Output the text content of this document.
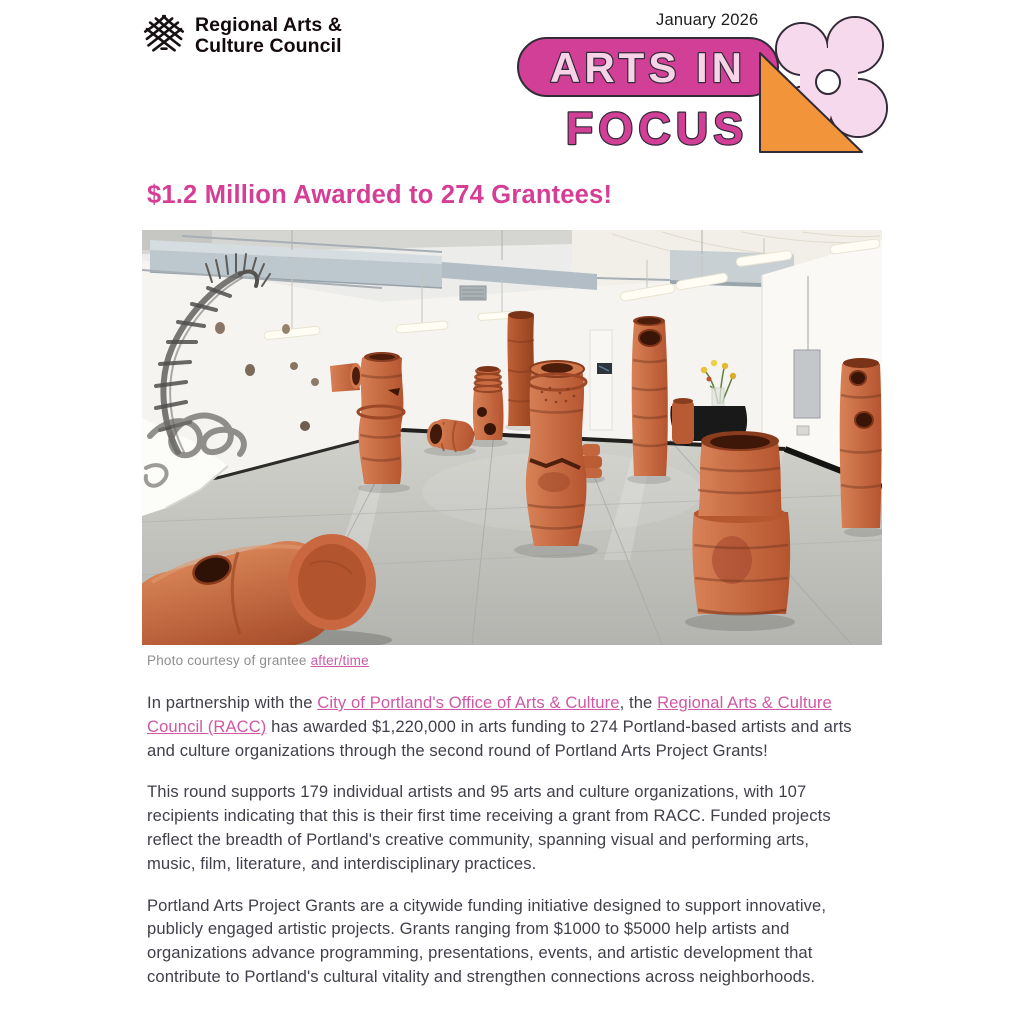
Regional Arts &
Culture Council
January 2026
ARTS IN
FOCUS
$1.2 Million Awarded to 274 Grantees!
Photo courtesy of grantee after/time

In partnership with the City of Portland's Office of Arts & Culture, the Regional Arts & Culture Council (RACC) has awarded $1,220,000 in arts funding to 274 Portland-based artists and arts and culture organizations through the second round of Portland Arts Project Grants!

This round supports 179 individual artists and 95 arts and culture organizations, with 107 recipients indicating that this is their first time receiving a grant from RACC. Funded projects reflect the breadth of Portland's creative community, spanning visual and performing arts, music, film, literature, and interdisciplinary practices.

Portland Arts Project Grants are a citywide funding initiative designed to support innovative, publicly engaged artistic projects. Grants ranging from $1000 to $5000 help artists and organizations advance programming, presentations, events, and artistic development that contribute to Portland's cultural vitality and strengthen connections across neighborhoods.
